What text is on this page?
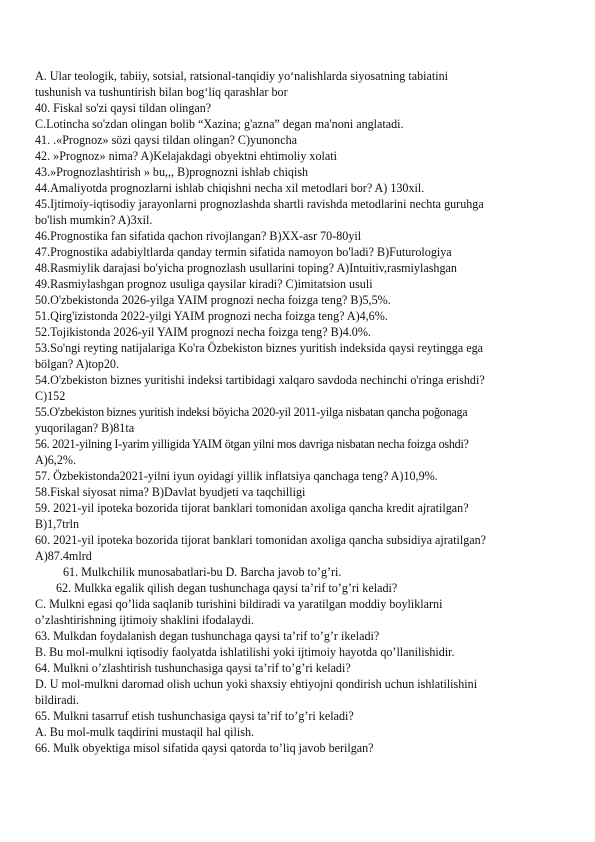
A. Ular teologik, tabiiy, sotsial, ratsional-tanqidiy yo‘nalishlarda siyosatning tabiatini
tushunish va tushuntirish bilan bog‘liq qarashlar bor
40. Fiskal so'zi qaysi tildan olingan?
C.Lotincha so'zdan olingan bolib “Xazina; g'azna” degan ma'noni anglatadi.
41. .«Prognoz» sözi qaysi tildan olingan? C)yunoncha
42. »Prognoz» nima? A)Kelajakdagi obyektni ehtimoliy xolati
43.»Prognozlashtirish » bu,,, B)prognozni ishlab chiqish
44.Amaliyotda prognozlarni ishlab chiqishni necha xil metodlari bor? A) 130xil.
45.Ijtimoiy-iqtisodiy jarayonlarni prognozlashda shartli ravishda metodlarini nechta guruhga
bo'lish mumkin? A)3xil.
46.Prognostika fan sifatida qachon rivojlangan? B)XX-asr 70-80yil
47.Prognostika adabiyltlarda qanday termin sifatida namoyon bo'ladi? B)Futurologiya
48.Rasmiylik darajasi bo'yicha prognozlash usullarini toping? A)Intuitiv,rasmiylashgan
49.Rasmiylashgan prognoz usuliga qaysilar kiradi? C)imitatsion usuli
50.O'zbekistonda 2026-yilga YAIM prognozi necha foizga teng? B)5,5%.
51.Qirg'izistonda 2022-yilgi YAIM prognozi necha foizga teng? A)4,6%.
52.Tojikistonda 2026-yil YAIM prognozi necha foizga teng? B)4.0%.
53.So'ngi reyting natijalariga Ko'ra Özbekiston biznes yuritish indeksida qaysi reytingga ega
bölgan? A)top20.
54.O'zbekiston biznes yuritishi indeksi tartibidagi xalqaro savdoda nechinchi o'ringa erishdi?
C)152
55.O'zbekiston biznes yuritish indeksi böyicha 2020-yil 2011-yilga nisbatan qancha poğonaga
yuqorilagan? B)81ta
56. 2021-yilning I-yarim yilligida YAIM ötgan yilni mos davriga nisbatan necha foizga oshdi?
A)6,2%.
57. Özbekistonda2021-yilni iyun oyidagi yillik inflatsiya qanchaga teng? A)10,9%.
58.Fiskal siyosat nima? B)Davlat byudjeti va taqchilligi
59. 2021-yil ipoteka bozorida tijorat banklari tomonidan axoliga qancha kredit ajratilgan?
B)1,7trln
60. 2021-yil ipoteka bozorida tijorat banklari tomonidan axoliga qancha subsidiya ajratilgan?
A)87.4mlrd
61. Mulkchilik munosabatlari-bu D. Barcha javob to’g’ri.
62. Mulkka egalik qilish degan tushunchaga qaysi ta’rif to’g’ri keladi?
C. Mulkni egasi qo’lida saqlanib turishini bildiradi va yaratilgan moddiy boyliklarni
o’zlashtirishning ijtimoiy shaklini ifodalaydi.
63. Mulkdan foydalanish degan tushunchaga qaysi ta’rif to’g’r ikeladi?
B. Bu mol-mulkni iqtisodiy faolyatda ishlatilishi yoki ijtimoiy hayotda qo’llanilishidir.
64. Mulkni o’zlashtirish tushunchasiga qaysi ta’rif to’g’ri keladi?
D. U mol-mulkni daromad olish uchun yoki shaxsiy ehtiyojni qondirish uchun ishlatilishini
bildiradi.
65. Mulkni tasarruf etish tushunchasiga qaysi ta’rif to’g’ri keladi?
A. Bu mol-mulk taqdirini mustaqil hal qilish.
66. Mulk obyektiga misol sifatida qaysi qatorda to’liq javob berilgan?
